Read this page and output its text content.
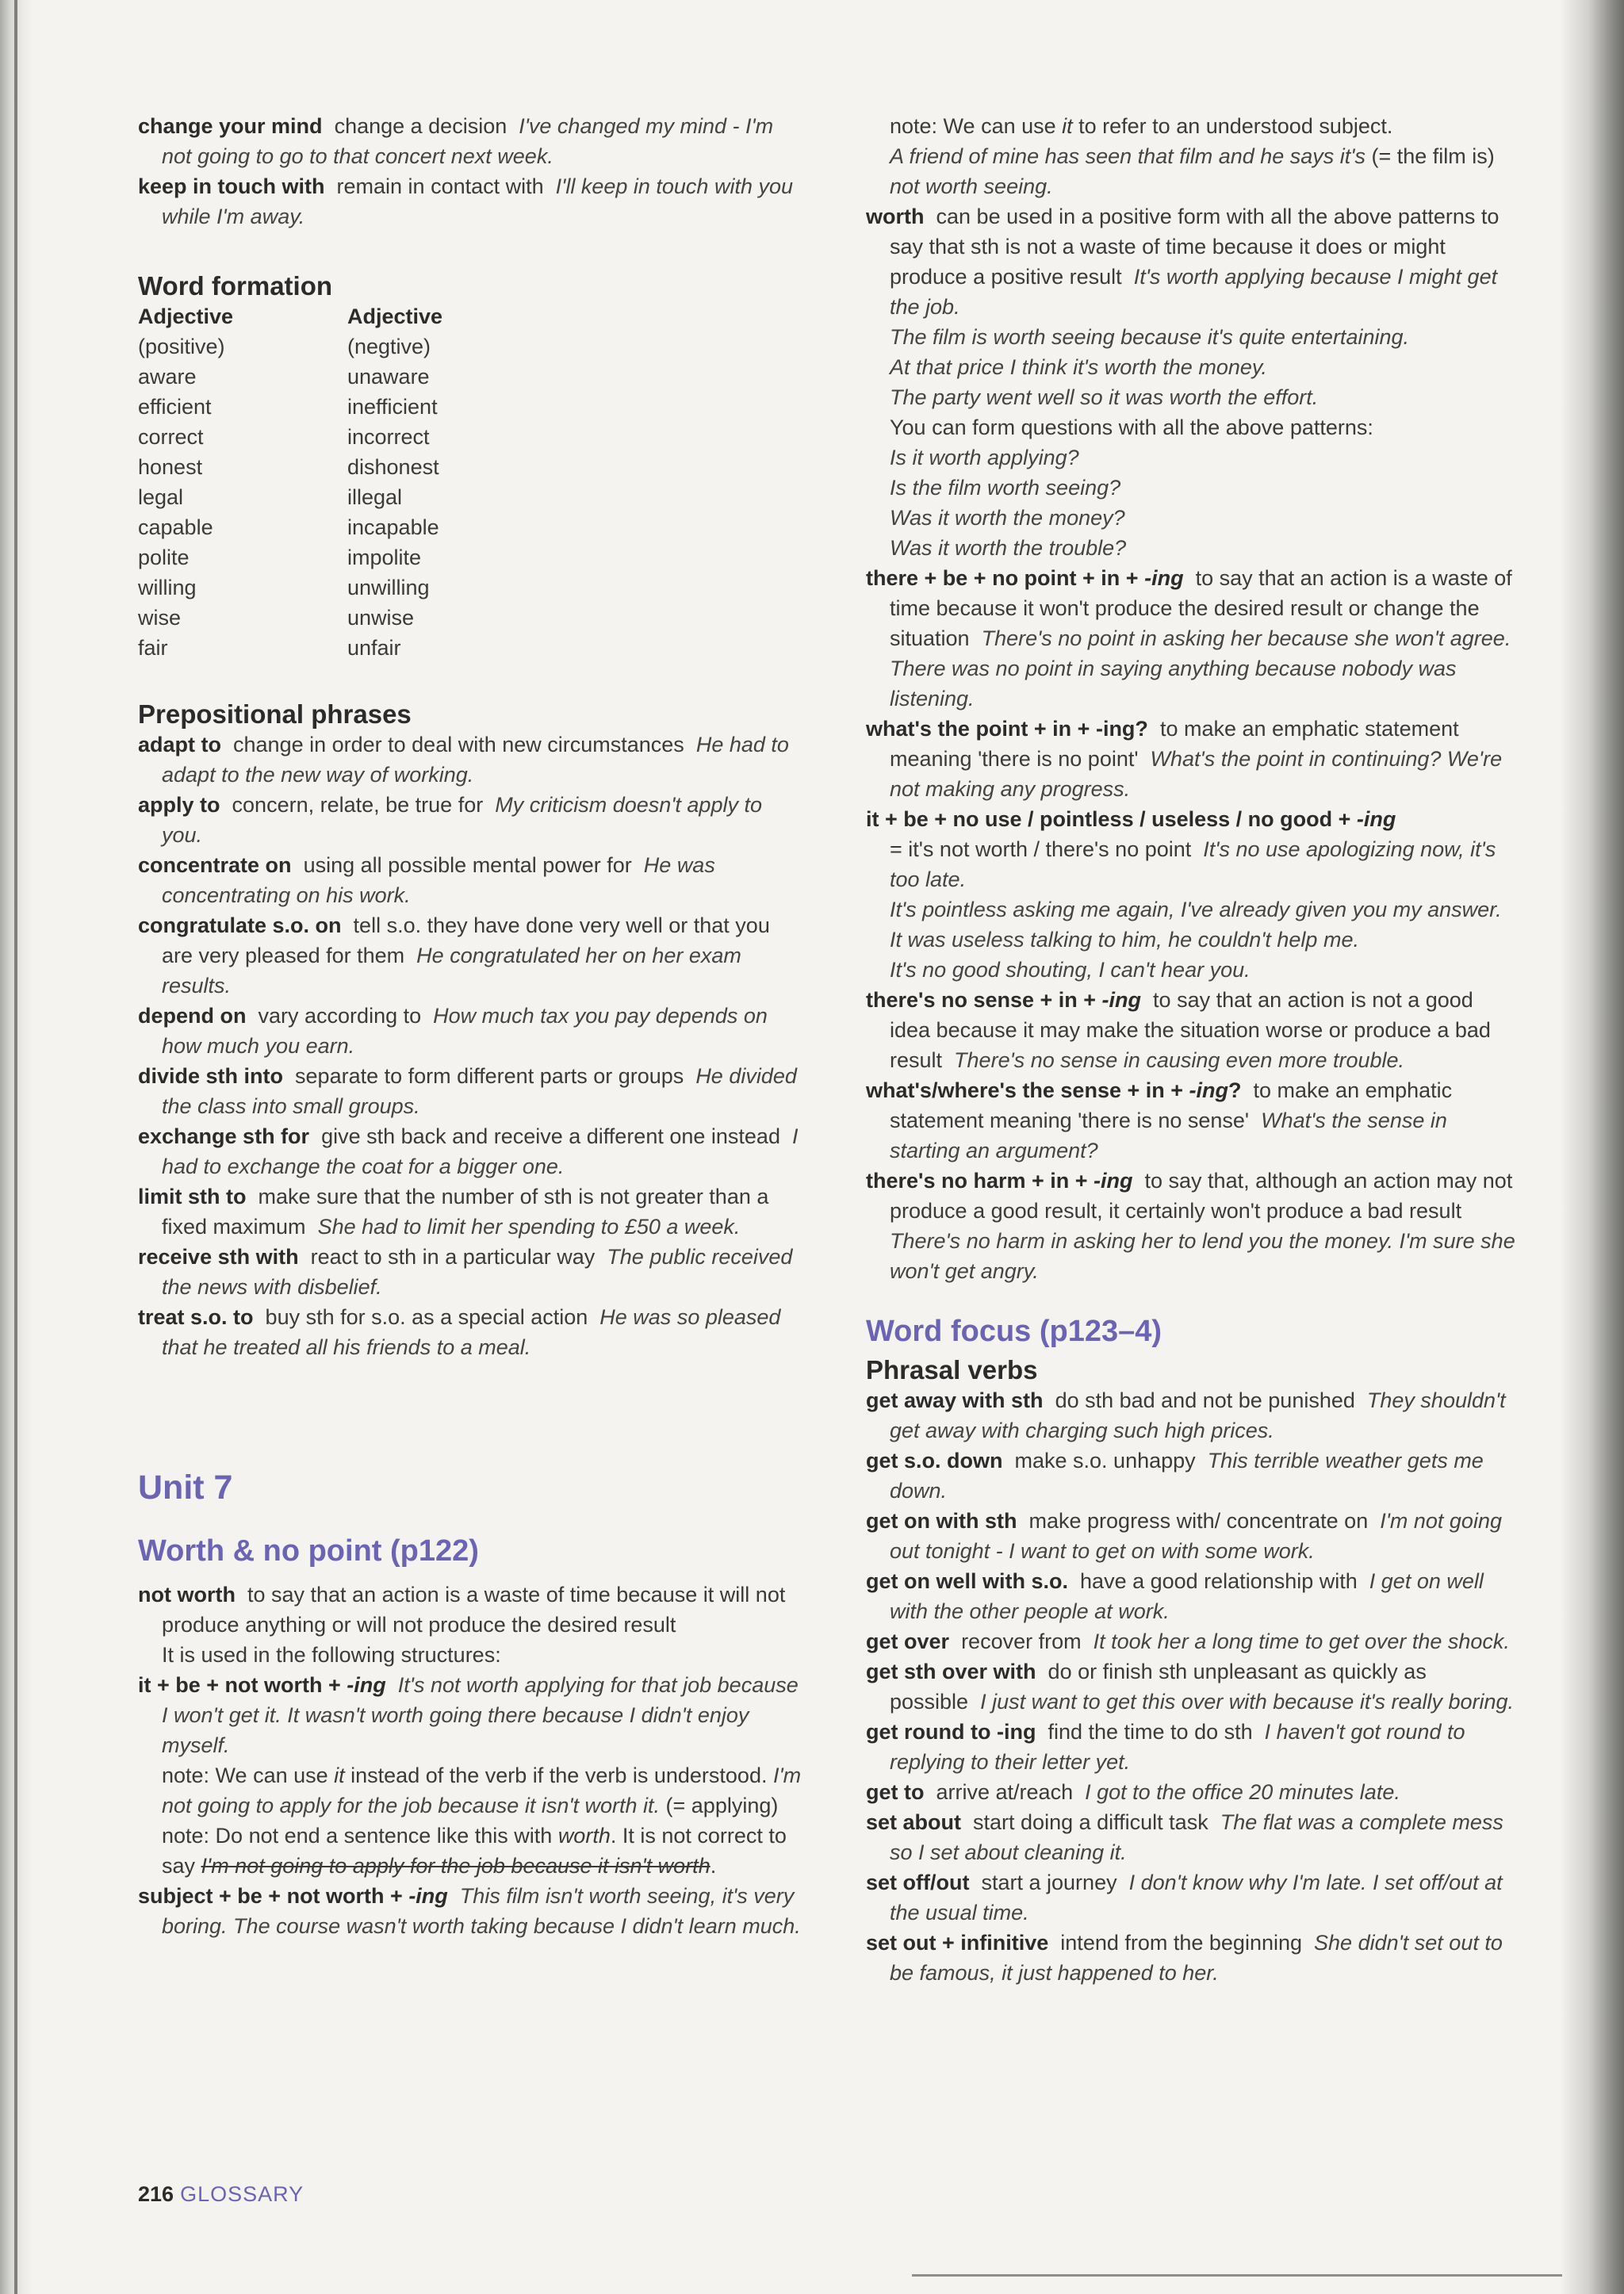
change your mind change a decision I've changed my mind - I'm not going to go to that concert next week.

keep in touch with remain in contact with I'll keep in touch with you while I'm away.

Word formation
Adjective	Adjective
(positive)	(negtive)
aware	unaware
efficient	inefficient
correct	incorrect
honest	dishonest
legal	illegal
capable	incapable
polite	impolite
willing	unwilling
wise	unwise
fair	unfair
Prepositional phrases

adapt to change in order to deal with new circumstances He had to adapt to the new way of working.

apply to concern, relate, be true for My criticism doesn't apply to you.

concentrate on using all possible mental power for He was concentrating on his work.

congratulate s.o. on tell s.o. they have done very well or that you are very pleased for them He congratulated her on her exam results.

depend on vary according to How much tax you pay depends on how much you earn.

divide sth into separate to form different parts or groups He divided the class into small groups.

exchange sth for give sth back and receive a different one instead I had to exchange the coat for a bigger one.

limit sth to make sure that the number of sth is not greater than a fixed maximum She had to limit her spending to £50 a week.

receive sth with react to sth in a particular way The public received the news with disbelief.

treat s.o. to buy sth for s.o. as a special action He was so pleased that he treated all his friends to a meal.

Unit 7
Worth & no point (p122)

not worth to say that an action is a waste of time because it will not produce anything or will not produce the desired result

It is used in the following structures:

it + be + not worth + -ing It's not worth applying for that job because I won't get it. It wasn't worth going there because I didn't enjoy myself.

note: We can use it instead of the verb if the verb is understood. I'm not going to apply for the job because it isn't worth it. (= applying)

note: Do not end a sentence like this with worth. It is not correct to say I'm not going to apply for the job because it isn't worth.

subject + be + not worth + -ing This film isn't worth seeing, it's very boring. The course wasn't worth taking because I didn't learn much.

216 GLOSSARY

note: We can use it to refer to an understood subject.
A friend of mine has seen that film and he says it's (= the film is) not worth seeing.

worth can be used in a positive form with all the above patterns to say that sth is not a waste of time because it does or might produce a positive result It's worth applying because I might get the job.

The film is worth seeing because it's quite entertaining.

At that price I think it's worth the money.

The party went well so it was worth the effort.

You can form questions with all the above patterns:

Is it worth applying?

Is the film worth seeing?

Was it worth the money?

Was it worth the trouble?

there + be + no point + in + -ing to say that an action is a waste of time because it won't produce the desired result or change the situation There's no point in asking her because she won't agree. There was no point in saying anything because nobody was listening.

what's the point + in + -ing? to make an emphatic statement meaning 'there is no point' What's the point in continuing? We're not making any progress.

it + be + no use / pointless / useless / no good + -ing
= it's not worth / there's no point It's no use apologizing now, it's too late.

It's pointless asking me again, I've already given you my answer.

It was useless talking to him, he couldn't help me.

It's no good shouting, I can't hear you.

there's no sense + in + -ing to say that an action is not a good idea because it may make the situation worse or produce a bad result There's no sense in causing even more trouble.

what's/where's the sense + in + -ing? to make an emphatic statement meaning 'there is no sense' What's the sense in starting an argument?

there's no harm + in + -ing to say that, although an action may not produce a good result, it certainly won't produce a bad result  There's no harm in asking her to lend you the money. I'm sure she won't get angry.

Word focus (p123–4)
Phrasal verbs

get away with sth do sth bad and not be punished They shouldn't get away with charging such high prices.

get s.o. down make s.o. unhappy This terrible weather gets me down.

get on with sth make progress with/ concentrate on I'm not going out tonight - I want to get on with some work.

get on well with s.o. have a good relationship with I get on well with the other people at work.

get over recover from It took her a long time to get over the shock.

get sth over with do or finish sth unpleasant as quickly as possible I just want to get this over with because it's really boring.

get round to -ing find the time to do sth I haven't got round to replying to their letter yet.

get to arrive at/reach I got to the office 20 minutes late.

set about start doing a difficult task The flat was a complete mess so I set about cleaning it.

set off/out start a journey I don't know why I'm late. I set off/out at the usual time.

set out + infinitive intend from the beginning She didn't set out to be famous, it just happened to her.
